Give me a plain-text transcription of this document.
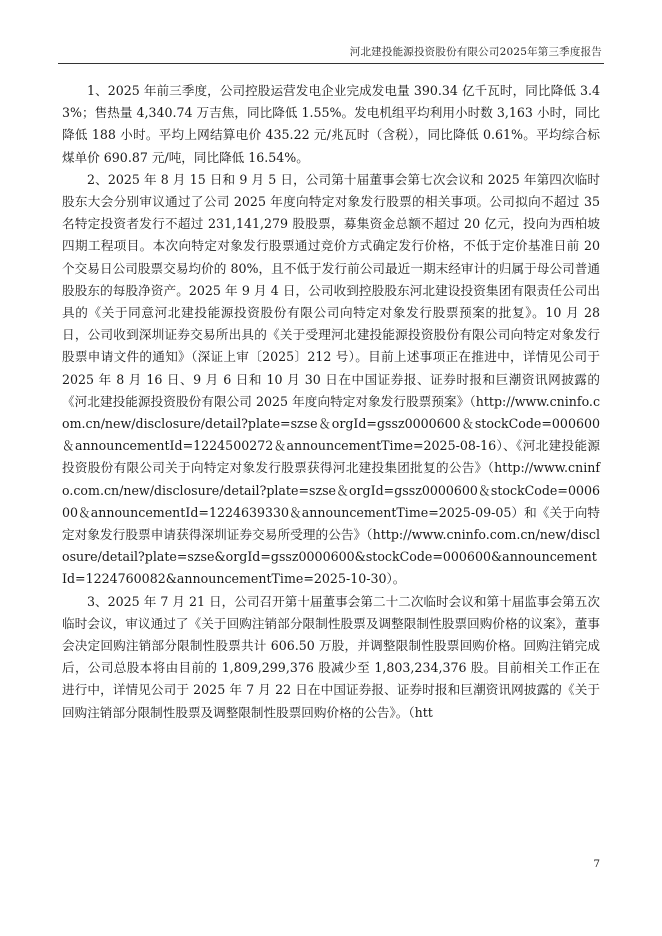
河北建投能源投资股份有限公司2025年第三季度报告

1、2025 年前三季度，公司控股运营发电企业完成发电量 390.34 亿千瓦时，同比降低 3.43%；售热量 4,340.74 万吉焦，同比降低 1.55%。发电机组平均利用小时数 3,163 小时，同比降低 188 小时。平均上网结算电价 435.22 元/兆瓦时（含税），同比降低 0.61%。平均综合标煤单价 690.87 元/吨，同比降低 16.54%。

2、2025 年 8 月 15 日和 9 月 5 日，公司第十届董事会第七次会议和 2025 年第四次临时股东大会分别审议通过了公司 2025 年度向特定对象发行股票的相关事项。公司拟向不超过 35 名特定投资者发行不超过 231,141,279 股股票，募集资金总额不超过 20 亿元，投向为西柏坡四期工程项目。本次向特定对象发行股票通过竞价方式确定发行价格，不低于定价基准日前 20 个交易日公司股票交易均价的 80%，且不低于发行前公司最近一期末经审计的归属于母公司普通股股东的每股净资产。2025 年 9 月 4 日，公司收到控股股东河北建设投资集团有限责任公司出具的《关于同意河北建投能源投资股份有限公司向特定对象发行股票预案的批复》。10 月 28 日，公司收到深圳证券交易所出具的《关于受理河北建投能源投资股份有限公司向特定对象发行股票申请文件的通知》（深证上审〔2025〕212 号）。目前上述事项正在推进中，详情见公司于 2025 年 8 月 16 日、9 月 6 日和 10 月 30 日在中国证券报、证券时报和巨潮资讯网披露的《河北建投能源投资股份有限公司 2025 年度向特定对象发行股票预案》（http://www.cninfo.com.cn/new/disclosure/detail?plate=szse＆orgId=gssz0000600＆stockCode=000600＆announcementId=1224500272＆announcementTime=2025-08-16）、《河北建投能源投资股份有限公司关于向特定对象发行股票获得河北建投集团批复的公告》（http://www.cninfo.com.cn/new/disclosure/detail?plate=szse＆orgId=gssz0000600＆stockCode=000600＆announcementId=1224639330＆announcementTime=2025-09-05）和《关于向特定对象发行股票申请获得深圳证券交易所受理的公告》（http://www.cninfo.com.cn/new/disclosure/detail?plate=szse&orgId=gssz0000600&stockCode=000600&announcementId=1224760082&announcementTime=2025-10-30）。

3、2025 年 7 月 21 日，公司召开第十届董事会第二十二次临时会议和第十届监事会第五次临时会议，审议通过了《关于回购注销部分限制性股票及调整限制性股票回购价格的议案》，董事会决定回购注销部分限制性股票共计 606.50 万股，并调整限制性股票回购价格。回购注销完成后，公司总股本将由目前的 1,809,299,376 股减少至 1,803,234,376 股。目前相关工作正在进行中，详情见公司于 2025 年 7 月 22 日在中国证券报、证券时报和巨潮资讯网披露的《关于回购注销部分限制性股票及调整限制性股票回购价格的公告》。（htt

7
